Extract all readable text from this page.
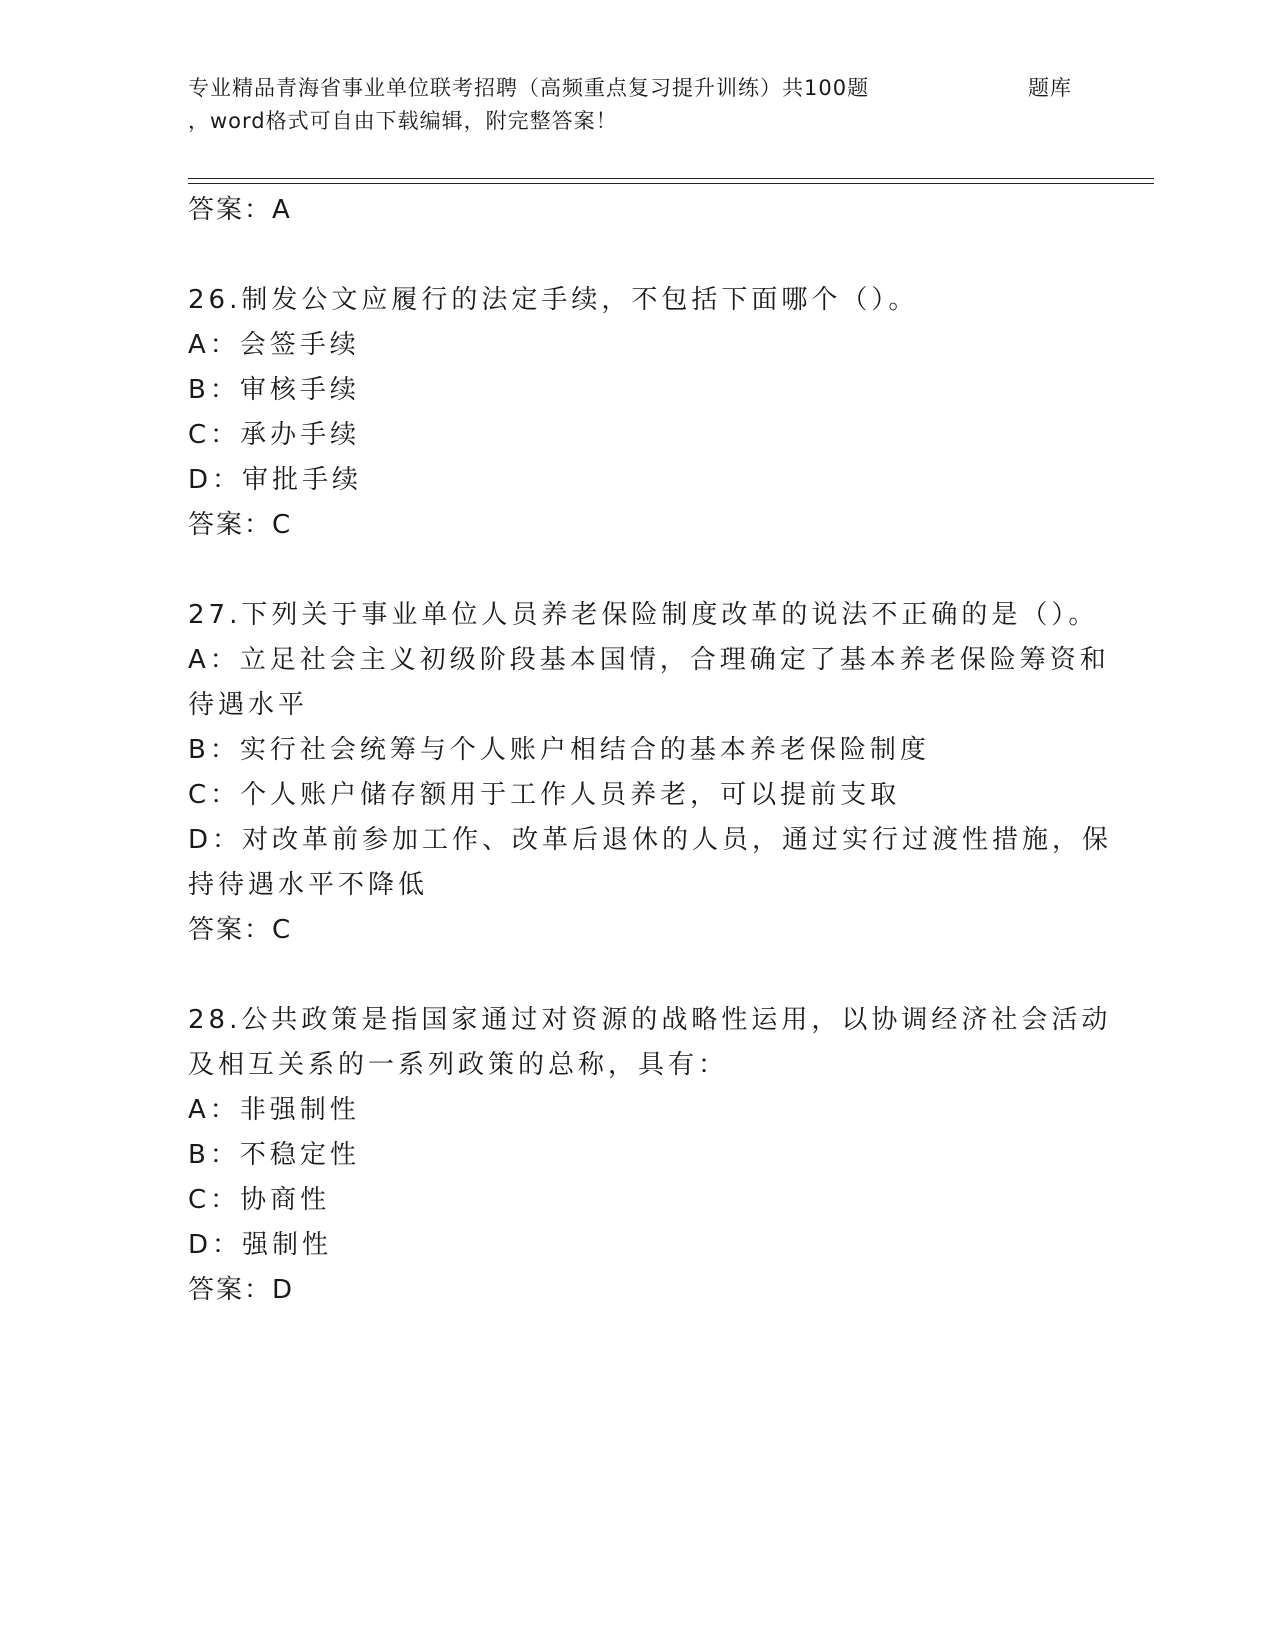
专业精品青海省事业单位联考招聘（高频重点复习提升训练）共100题	题库
，word格式可自由下载编辑，附完整答案！
答案：A
26.制发公文应履行的法定手续，不包括下面哪个（）。
A：会签手续
B：审核手续
C：承办手续
D：审批手续
答案：C
27.下列关于事业单位人员养老保险制度改革的说法不正确的是（）。
A：立足社会主义初级阶段基本国情，合理确定了基本养老保险筹资和
待遇水平
B：实行社会统筹与个人账户相结合的基本养老保险制度
C：个人账户储存额用于工作人员养老，可以提前支取
D：对改革前参加工作、改革后退休的人员，通过实行过渡性措施，保
持待遇水平不降低
答案：C
28.公共政策是指国家通过对资源的战略性运用，以协调经济社会活动
及相互关系的一系列政策的总称，具有：
A：非强制性
B：不稳定性
C：协商性
D：强制性
答案：D
